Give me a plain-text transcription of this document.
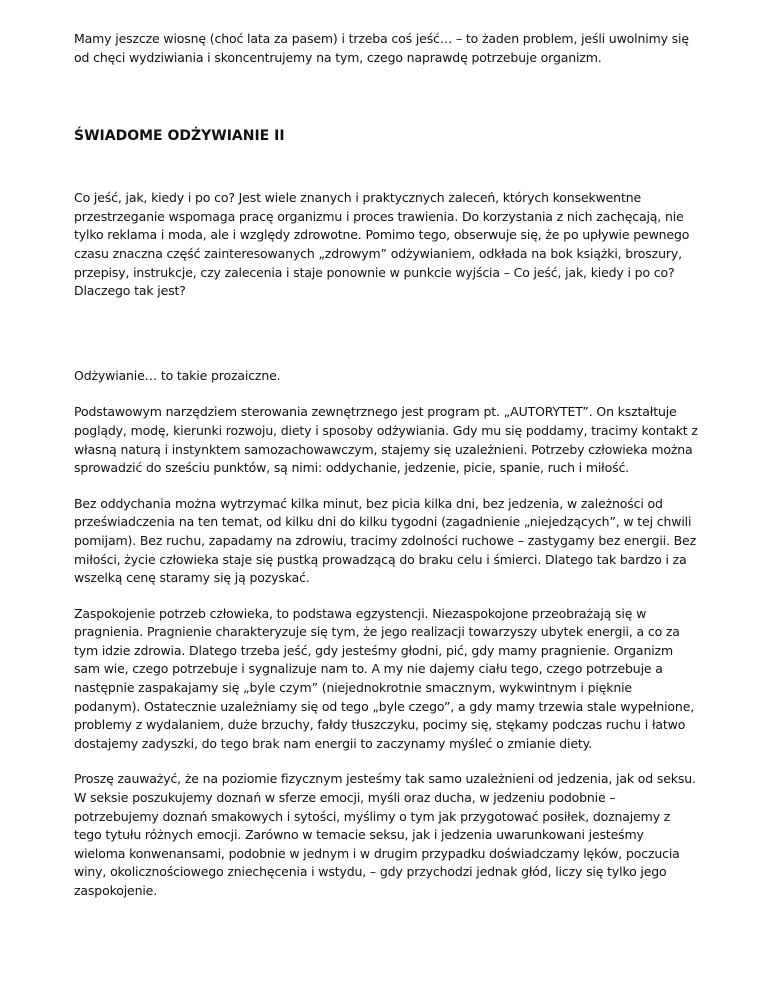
Mamy jeszcze wiosnę (choć lata za pasem) i trzeba coś jeść… – to żaden problem, jeśli uwolnimy się od chęci wydziwiania i skoncentrujemy na tym, czego naprawdę potrzebuje organizm.

ŚWIADOME ODŻYWIANIE II

Co jeść, jak, kiedy i po co? Jest wiele znanych i praktycznych zaleceń, których konsekwentne przestrzeganie wspomaga pracę organizmu i proces trawienia. Do korzystania z nich zachęcają, nie tylko reklama i moda, ale i względy zdrowotne. Pomimo tego, obserwuje się, że po upływie pewnego czasu znaczna część zainteresowanych „zdrowym” odżywianiem, odkłada na bok książki, broszury, przepisy, instrukcje, czy zalecenia i staje ponownie w punkcie wyjścia – Co jeść, jak, kiedy i po co? Dlaczego tak jest?

Odżywianie… to takie prozaiczne.

Podstawowym narzędziem sterowania zewnętrznego jest program pt. „AUTORYTET”. On kształtuje poglądy, modę, kierunki rozwoju, diety i sposoby odżywiania. Gdy mu się poddamy, tracimy kontakt z własną naturą i instynktem samozachowawczym, stajemy się uzależnieni. Potrzeby człowieka można sprowadzić do sześciu punktów, są nimi: oddychanie, jedzenie, picie, spanie, ruch i miłość.

Bez oddychania można wytrzymać kilka minut, bez picia kilka dni, bez jedzenia, w zależności od przeświadczenia na ten temat, od kilku dni do kilku tygodni (zagadnienie „niejedzących”, w tej chwili pomijam). Bez ruchu, zapadamy na zdrowiu, tracimy zdolności ruchowe – zastygamy bez energii. Bez miłości, życie człowieka staje się pustką prowadzącą do braku celu i śmierci. Dlatego tak bardzo i za wszelką cenę staramy się ją pozyskać.

Zaspokojenie potrzeb człowieka, to podstawa egzystencji. Niezaspokojone przeobrażają się w pragnienia. Pragnienie charakteryzuje się tym, że jego realizacji towarzyszy ubytek energii, a co za tym idzie zdrowia. Dlatego trzeba jeść, gdy jesteśmy głodni, pić, gdy mamy pragnienie. Organizm sam wie, czego potrzebuje i sygnalizuje nam to. A my nie dajemy ciału tego, czego potrzebuje a następnie zaspakajamy się „byle czym” (niejednokrotnie smacznym, wykwintnym i pięknie podanym). Ostatecznie uzależniamy się od tego „byle czego”, a gdy mamy trzewia stale wypełnione, problemy z wydalaniem, duże brzuchy, fałdy tłuszczyku, pocimy się, stękamy podczas ruchu i łatwo dostajemy zadyszki, do tego brak nam energii to zaczynamy myśleć o zmianie diety.

Proszę zauważyć, że na poziomie fizycznym jesteśmy tak samo uzależnieni od jedzenia, jak od seksu. W seksie poszukujemy doznań w sferze emocji, myśli oraz ducha, w jedzeniu podobnie – potrzebujemy doznań smakowych i sytości, myślimy o tym jak przygotować posiłek, doznajemy z tego tytułu różnych emocji. Zarówno w temacie seksu, jak i jedzenia uwarunkowani jesteśmy wieloma konwenansami, podobnie w jednym i w drugim przypadku doświadczamy lęków, poczucia winy, okolicznościowego zniechęcenia i wstydu, – gdy przychodzi jednak głód, liczy się tylko jego zaspokojenie.
